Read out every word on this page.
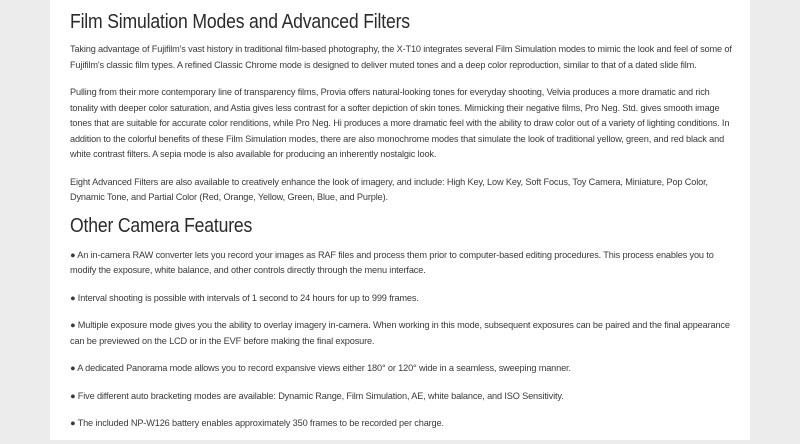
Film Simulation Modes and Advanced Filters

Taking advantage of Fujifilm's vast history in traditional film-based photography, the X-T10 integrates several Film Simulation modes to mimic the look and feel of some of Fujifilm's classic film types. A refined Classic Chrome mode is designed to deliver muted tones and a deep color reproduction, similar to that of a dated slide film.

Pulling from their more contemporary line of transparency films, Provia offers natural-looking tones for everyday shooting, Velvia produces a more dramatic and rich tonality with deeper color saturation, and Astia gives less contrast for a softer depiction of skin tones. Mimicking their negative films, Pro Neg. Std. gives smooth image tones that are suitable for accurate color renditions, while Pro Neg. Hi produces a more dramatic feel with the ability to draw color out of a variety of lighting conditions. In addition to the colorful benefits of these Film Simulation modes, there are also monochrome modes that simulate the look of traditional yellow, green, and red black and white contrast filters. A sepia mode is also available for producing an inherently nostalgic look.

Eight Advanced Filters are also available to creatively enhance the look of imagery, and include: High Key, Low Key, Soft Focus, Toy Camera, Miniature, Pop Color, Dynamic Tone, and Partial Color (Red, Orange, Yellow, Green, Blue, and Purple).

Other Camera Features

● An in-camera RAW converter lets you record your images as RAF files and process them prior to computer-based editing procedures. This process enables you to modify the exposure, white balance, and other controls directly through the menu interface.

● Interval shooting is possible with intervals of 1 second to 24 hours for up to 999 frames.

● Multiple exposure mode gives you the ability to overlay imagery in-camera. When working in this mode, subsequent exposures can be paired and the final appearance can be previewed on the LCD or in the EVF before making the final exposure.

● A dedicated Panorama mode allows you to record expansive views either 180° or 120° wide in a seamless, sweeping manner.

● Five different auto bracketing modes are available: Dynamic Range, Film Simulation, AE, white balance, and ISO Sensitivity.

● The included NP-W126 battery enables approximately 350 frames to be recorded per charge.
